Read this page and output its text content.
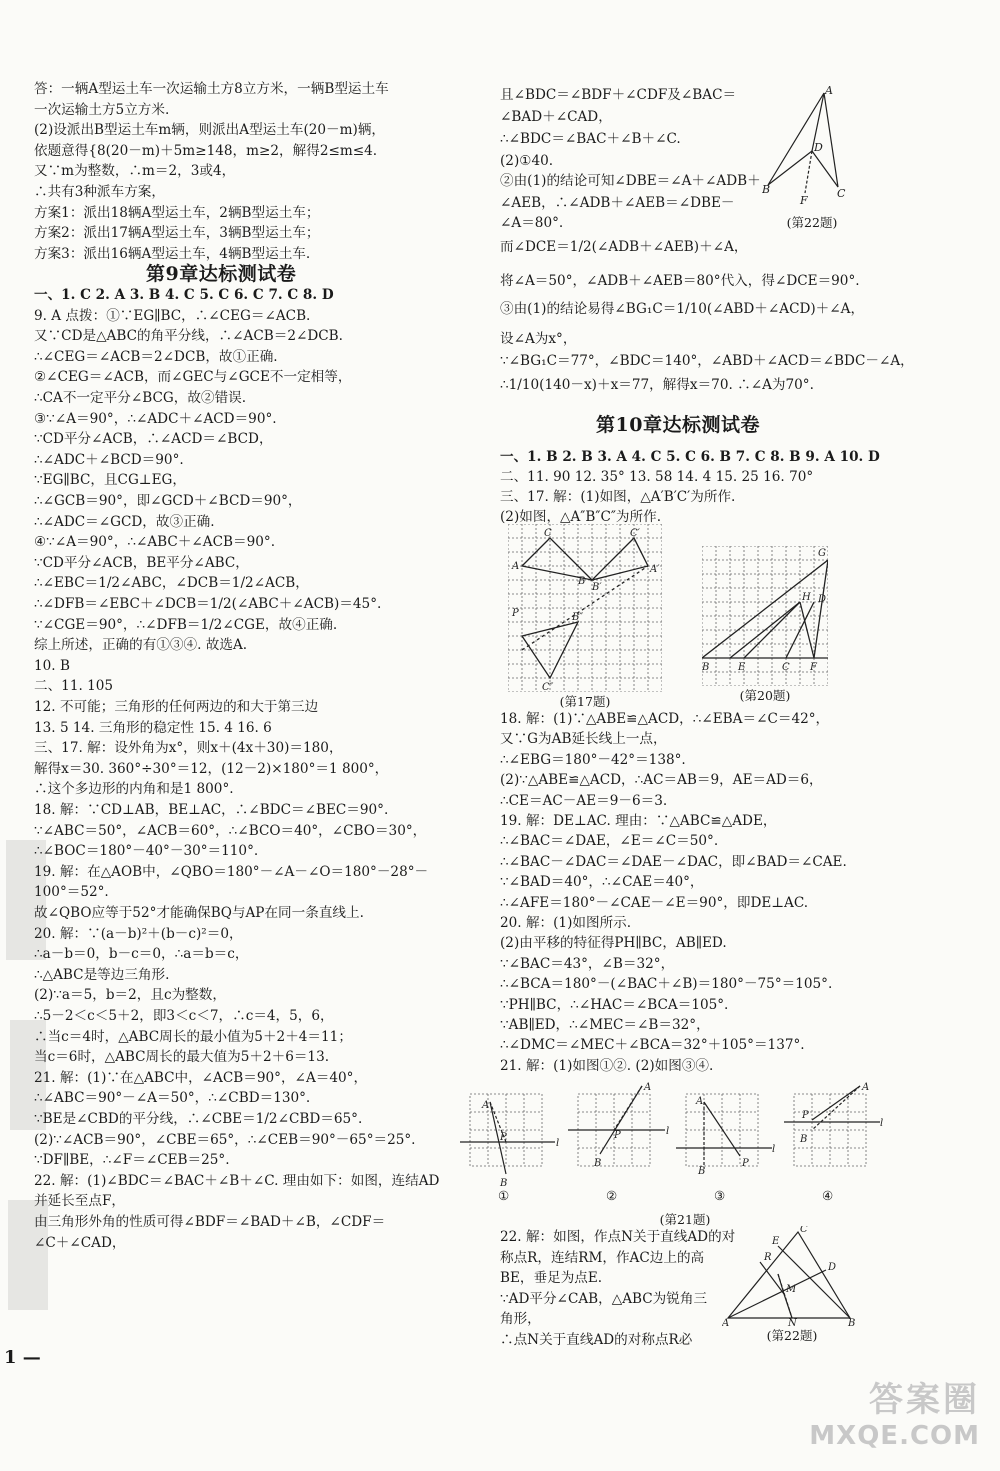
答：一辆A型运土车一次运输土方8立方米，一辆B型运土车
一次运输土方5立方米.
(2)设派出B型运土车m辆，则派出A型运土车(20－m)辆，
依题意得{8(20－m)＋5m≥148，m≥2，解得2≤m≤4.
又∵m为整数，∴m＝2，3或4，
∴共有3种派车方案，
方案1：派出18辆A型运土车，2辆B型运土车；
方案2：派出17辆A型运土车，3辆B型运土车；
方案3：派出16辆A型运土车，4辆B型运土车.
第9章达标测试卷
一、1. C 2. A 3. B 4. C 5. C 6. C 7. C 8. D
9. A 点拨：①∵EG∥BC，∴∠CEG＝∠ACB.
又∵CD是△ABC的角平分线，∴∠ACB＝2∠DCB.
∴∠CEG＝∠ACB＝2∠DCB，故①正确.
②∠CEG＝∠ACB，而∠GEC与∠GCE不一定相等，
∴CA不一定平分∠BCG，故②错误.
③∵∠A＝90°，∴∠ADC＋∠ACD＝90°.
∵CD平分∠ACB，∴∠ACD＝∠BCD，
∴∠ADC＋∠BCD＝90°.
∵EG∥BC，且CG⊥EG，
∴∠GCB＝90°，即∠GCD＋∠BCD＝90°，
∴∠ADC＝∠GCD，故③正确.
④∵∠A＝90°，∴∠ABC＋∠ACB＝90°.
∵CD平分∠ACB，BE平分∠ABC，
∴∠EBC＝1/2∠ABC，∠DCB＝1/2∠ACB，
∴∠DFB＝∠EBC＋∠DCB＝1/2(∠ABC＋∠ACB)＝45°.
∵∠CGE＝90°，∴∠DFB＝1/2∠CGE，故④正确.
综上所述，正确的有①③④. 故选A.
10. B
二、11. 105
12. 不可能；三角形的任何两边的和大于第三边
13. 5 14. 三角形的稳定性 15. 4 16. 6
三、17. 解：设外角为x°，则x＋(4x＋30)＝180，
解得x＝30. 360°÷30°＝12，(12－2)×180°＝1 800°，
∴这个多边形的内角和是1 800°.
18. 解：∵CD⊥AB，BE⊥AC，∴∠BDC＝∠BEC＝90°.
∵∠ABC＝50°，∠ACB＝60°，∴∠BCO＝40°，∠CBO＝30°，
∴∠BOC＝180°－40°－30°＝110°.
19. 解：在△AOB中，∠QBO＝180°－∠A－∠O＝180°－28°－
100°＝52°.
故∠QBO应等于52°才能确保BQ与AP在同一条直线上.
20. 解：∵(a－b)²＋(b－c)²＝0，
∴a－b＝0，b－c＝0，∴a＝b＝c，
∴△ABC是等边三角形.
(2)∵a＝5，b＝2，且c为整数，
∴5－2＜c＜5＋2，即3＜c＜7，∴c＝4，5，6，
∴当c＝4时，△ABC周长的最小值为5＋2＋4＝11；
当c＝6时，△ABC周长的最大值为5＋2＋6＝13.
21. 解：(1)∵在△ABC中，∠ACB＝90°，∠A＝40°，
∴∠ABC＝90°－∠A＝50°，∴∠CBD＝130°.
∵BE是∠CBD的平分线，∴∠CBE＝1/2∠CBD＝65°.
(2)∵∠ACB＝90°，∠CBE＝65°，∴∠CEB＝90°－65°＝25°.
∵DF∥BE，∴∠F＝∠CEB＝25°.
22. 解：(1)∠BDC＝∠BAC＋∠B＋∠C. 理由如下：如图，连结AD
并延长至点F，
由三角形外角的性质可得∠BDF＝∠BAD＋∠B，∠CDF＝
∠C＋∠CAD，
A
D
B	C
F
(第22题)
C
A
B
C′
B′
A′
P	B″
C″
(第17题)
G
H D
B	E	C F
(第20题)
A
P
B
l
A
B
P	l
A
B
P
l
A
P
B
l
①	②	③	④
(第21题)
C
E
R
D
M
A	N	B
(第22题)
且∠BDC＝∠BDF＋∠CDF及∠BAC＝
∠BAD＋∠CAD，
∴∠BDC＝∠BAC＋∠B＋∠C.
(2)①40.
②由(1)的结论可知∠DBE＝∠A＋∠ADB＋
∠AEB，∴∠ADB＋∠AEB＝∠DBE－
∠A＝80°.
而∠DCE＝1/2(∠ADB＋∠AEB)＋∠A，
将∠A＝50°，∠ADB＋∠AEB＝80°代入，得∠DCE＝90°.
③由(1)的结论易得∠BG₁C＝1/10(∠ABD＋∠ACD)＋∠A，
设∠A为x°，
∵∠BG₁C＝77°，∠BDC＝140°，∠ABD＋∠ACD＝∠BDC－∠A，
∴1/10(140－x)＋x＝77，解得x＝70. ∴∠A为70°.
第10章达标测试卷
一、1. B 2. B 3. A 4. C 5. C 6. B 7. C 8. B 9. A 10. D
二、11. 90 12. 35° 13. 58 14. 4 15. 25 16. 70°
三、17. 解：(1)如图，△A′B′C′为所作.
(2)如图，△A″B″C″为所作.
18. 解：(1)∵△ABE≌△ACD，∴∠EBA＝∠C＝42°，
又∵G为AB延长线上一点，
∴∠EBG＝180°－42°＝138°.
(2)∵△ABE≌△ACD，∴AC＝AB＝9，AE＝AD＝6，
∴CE＝AC－AE＝9－6＝3.
19. 解：DE⊥AC. 理由：∵△ABC≌△ADE，
∴∠BAC＝∠DAE，∠E＝∠C＝50°.
∴∠BAC－∠DAC＝∠DAE－∠DAC，即∠BAD＝∠CAE.
∵∠BAD＝40°，∴∠CAE＝40°，
∴∠AFE＝180°－∠CAE－∠E＝90°，即DE⊥AC.
20. 解：(1)如图所示.
(2)由平移的特征得PH∥BC，AB∥ED.
∵∠BAC＝43°，∠B＝32°，
∴∠BCA＝180°－(∠BAC＋∠B)＝180°－75°＝105°.
∵PH∥BC，∴∠HAC＝∠BCA＝105°.
∵AB∥ED，∴∠MEC＝∠B＝32°，
∴∠DMC＝∠MEC＋∠BCA＝32°＋105°＝137°.
21. 解：(1)如图①②. (2)如图③④.
22. 解：如图，作点N关于直线AD的对
称点R，连结RM，作AC边上的高
BE，垂足为点E.
∵AD平分∠CAB，△ABC为锐角三
角形，
∴点N关于直线AD的对称点R必
1 —
答案圈
MXQE.COM
